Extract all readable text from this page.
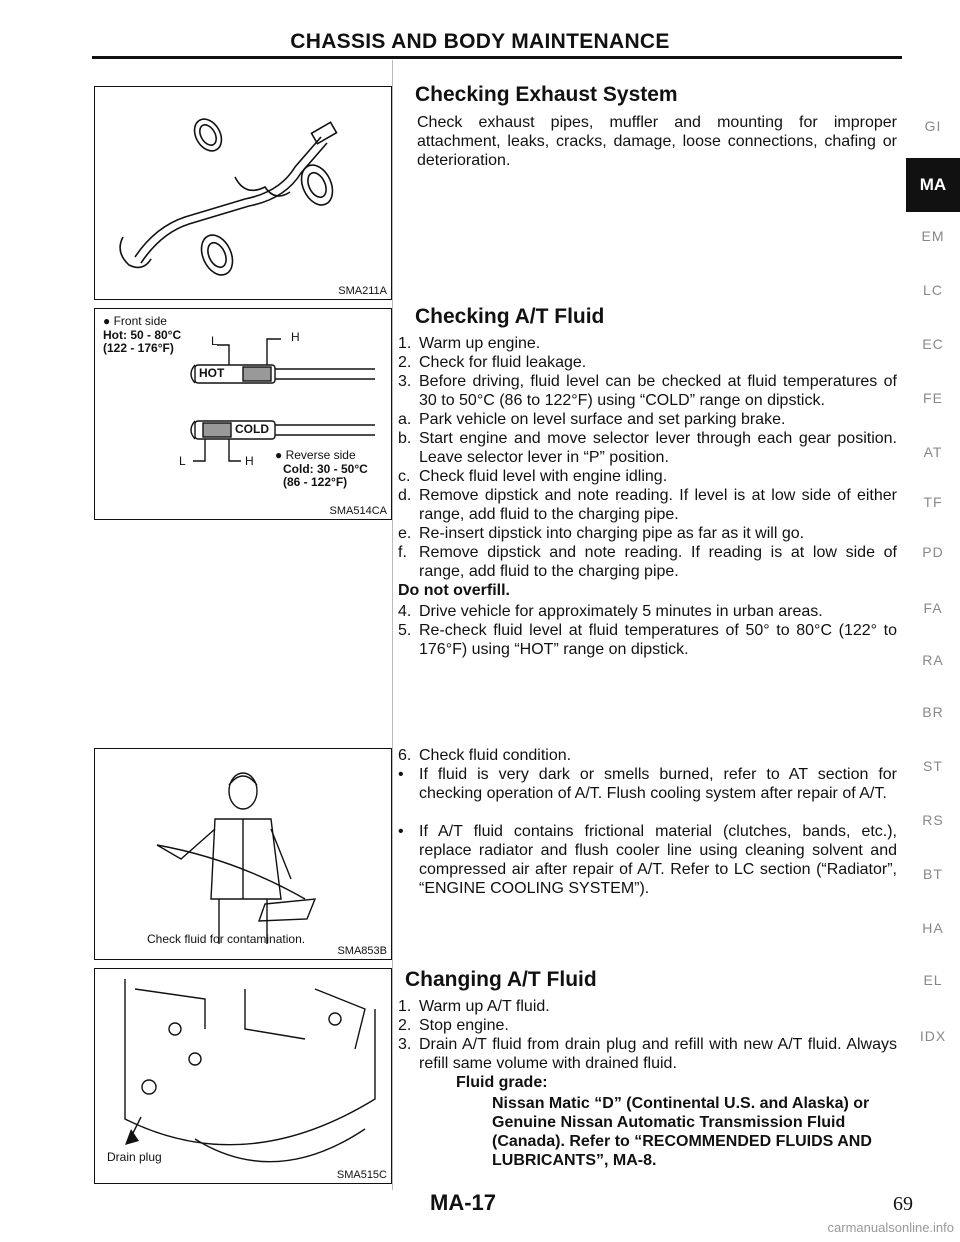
CHASSIS AND BODY MAINTENANCE
SMA211A
● Front side
Hot: 50 - 80°C
(122 - 176°F)	L	H
HOT
COLD
L	H ● Reverse side
Cold: 30 - 50°C
(86 - 122°F)
SMA514CA
Check fluid for contamination.
SMA853B
Drain plug
SMA515C
Checking Exhaust System
Check exhaust pipes, muffler and mounting for improper attachment, leaks, cracks, damage, loose connections, chafing or deterioration.
Checking A/T Fluid
1. Warm up engine.
2. Check for fluid leakage.
3. Before driving, fluid level can be checked at fluid temperatures of 30 to 50°C (86 to 122°F) using “COLD” range on dipstick.
a. Park vehicle on level surface and set parking brake.
b. Start engine and move selector lever through each gear position. Leave selector lever in “P” position.
c. Check fluid level with engine idling.
d. Remove dipstick and note reading. If level is at low side of either range, add fluid to the charging pipe.
e. Re-insert dipstick into charging pipe as far as it will go.
f. Remove dipstick and note reading. If reading is at low side of range, add fluid to the charging pipe.
Do not overfill.
4. Drive vehicle for approximately 5 minutes in urban areas.
5. Re-check fluid level at fluid temperatures of 50° to 80°C (122° to 176°F) using “HOT” range on dipstick.
6. Check fluid condition.
• If fluid is very dark or smells burned, refer to AT section for checking operation of A/T. Flush cooling system after repair of A/T.
• If A/T fluid contains frictional material (clutches, bands, etc.), replace radiator and flush cooler line using cleaning solvent and compressed air after repair of A/T. Refer to LC section (“Radiator”, “ENGINE COOLING SYSTEM”).
Changing A/T Fluid
1. Warm up A/T fluid.
2. Stop engine.
3. Drain A/T fluid from drain plug and refill with new A/T fluid. Always refill same volume with drained fluid.
Fluid grade:
Nissan Matic “D” (Continental U.S. and Alaska) or Genuine Nissan Automatic Transmission Fluid (Canada). Refer to “RECOMMENDED FLUIDS AND LUBRICANTS”, MA-8.
GI
MA
EM
LC
EC
FE
AT
TF
PD
FA
RA
BR
ST
RS
BT
HA
EL
IDX
MA-17	69
carmanualsonline.info
